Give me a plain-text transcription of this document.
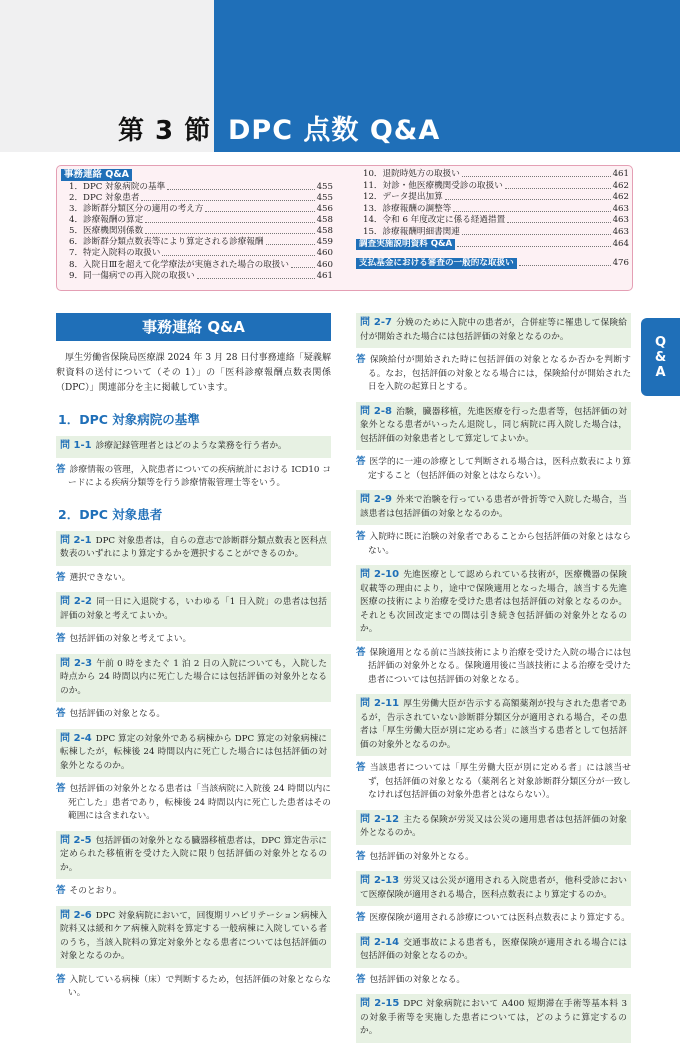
第 3 節 DPC 点数 Q&A
事務連絡 Q&A
1．DPC 対象病院の基準	455
2．DPC 対象患者	455
3．診断群分類区分の適用の考え方	456
4．診療報酬の算定	458
5．医療機関別係数	458
6．診断群分類点数表等により算定される診療報酬	459
7．特定入院料の取扱い	460
8．入院日Ⅲを超えて化学療法が実施された場合の取扱い	460
9．同一傷病での再入院の取扱い	461
10．退院時処方の取扱い	461
11．対診・他医療機関受診の取扱い	462
12．データ提出加算	462
13．診療報酬の調整等	463
14．令和 6 年度改定に係る経過措置	463
15．診療報酬明細書関連	463
調査実施説明資料 Q&A	464
支払基金における審査の一般的な取扱い	476
Q
&
A
事務連絡 Q&A

厚生労働省保険局医療課 2024 年 3 月 28 日付事務連絡「疑義解釈資料の送付について（その 1）」の「医科診療報酬点数表関係（DPC）」関連部分を主に掲載しています。

1．DPC 対象病院の基準
問 1-1 診療記録管理者とはどのような業務を行う者か。

答 診療情報の管理，入院患者についての疾病統計における ICD10 コードによる疾病分類等を行う診療情報管理士等をいう。

2．DPC 対象患者
問 2-1 DPC 対象患者は，自らの意志で診断群分類点数表と医科点数表のいずれにより算定するかを選択することができるのか。

答 選択できない。

問 2-2 同一日に入退院する，いわゆる「1 日入院」の患者は包括評価の対象と考えてよいか。

答 包括評価の対象と考えてよい。

問 2-3 午前 0 時をまたぐ 1 泊 2 日の入院についても，入院した時点から 24 時間以内に死亡した場合には包括評価の対象外となるのか。

答 包括評価の対象となる。

問 2-4 DPC 算定の対象外である病棟から DPC 算定の対象病棟に転棟したが，転棟後 24 時間以内に死亡した場合には包括評価の対象外となるのか。

答 包括評価の対象外となる患者は「当該病院に入院後 24 時間以内に死亡した」患者であり，転棟後 24 時間以内に死亡した患者はその範囲には含まれない。

問 2-5 包括評価の対象外となる臓器移植患者は，DPC 算定告示に定められた移植術を受けた入院に限り包括評価の対象外となるのか。

答 そのとおり。

問 2-6 DPC 対象病院において，回復期リハビリテーション病棟入院料又は緩和ケア病棟入院料を算定する一般病棟に入院している者のうち，当該入院料の算定対象外となる患者については包括評価の対象となるのか。

答 入院している病棟（床）で判断するため，包括評価の対象とならない。

問 2-7 分娩のために入院中の患者が，合併症等に罹患して保険給付が開始された場合には包括評価の対象となるのか。

答 保険給付が開始された時に包括評価の対象となるか否かを判断する。なお，包括評価の対象となる場合には，保険給付が開始された日を入院の起算日とする。

問 2-8 治験，臓器移植，先進医療を行った患者等，包括評価の対象外となる患者がいったん退院し，同じ病院に再入院した場合は，包括評価の対象患者として算定してよいか。

答 医学的に一連の診療として判断される場合は，医科点数表により算定すること（包括評価の対象とはならない）。

問 2-9 外来で治験を行っている患者が骨折等で入院した場合，当該患者は包括評価の対象となるのか。

答 入院時に既に治験の対象者であることから包括評価の対象とはならない。

問 2-10 先進医療として認められている技術が，医療機器の保険収載等の理由により，途中で保険適用となった場合，該当する先進医療の技術により治療を受けた患者は包括評価の対象となるのか。それとも次回改定までの間は引き続き包括評価の対象外となるのか。

答 保険適用となる前に当該技術により治療を受けた入院の場合には包括評価の対象外となる。保険適用後に当該技術による治療を受けた患者については包括評価の対象となる。

問 2-11 厚生労働大臣が告示する高額薬剤が投与された患者であるが，告示されていない診断群分類区分が適用される場合，その患者は「厚生労働大臣が別に定める者」に該当する患者として包括評価の対象外となるのか。

答 当該患者については「厚生労働大臣が別に定める者」には該当せず，包括評価の対象となる（薬剤名と対象診断群分類区分が一致しなければ包括評価の対象外患者とはならない）。

問 2-12 主たる保険が労災又は公災の適用患者は包括評価の対象外となるのか。

答 包括評価の対象外となる。

問 2-13 労災又は公災が適用される入院患者が，他科受診において医療保険が適用される場合，医科点数表により算定するのか。

答 医療保険が適用される診療については医科点数表により算定する。

問 2-14 交通事故による患者も，医療保険が適用される場合には包括評価の対象となるのか。

答 包括評価の対象となる。

問 2-15 DPC 対象病院において A400 短期滞在手術等基本料 3 の対象手術等を実施した患者については，どのように算定するのか。
